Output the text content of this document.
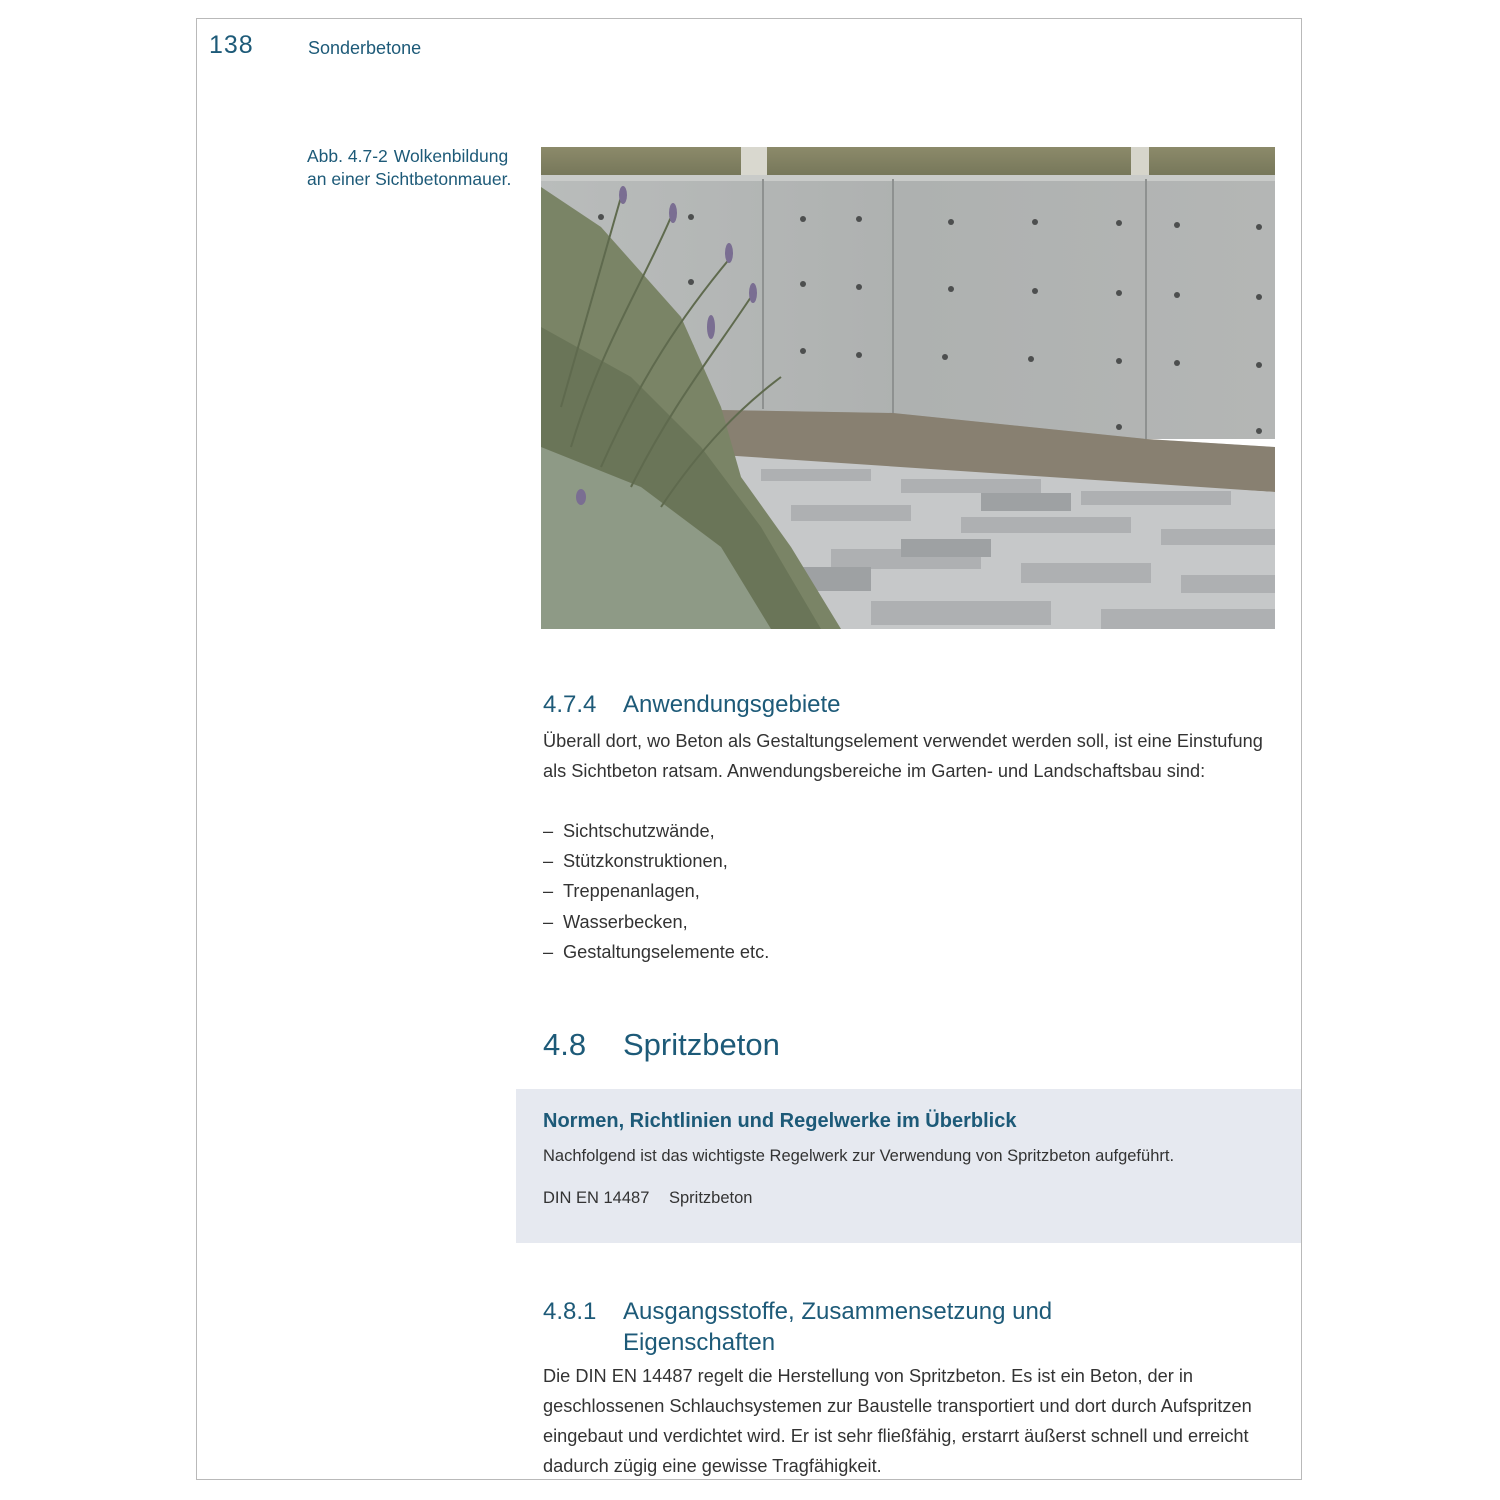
138	Sonderbetone
Abb. 4.7-2 Wolkenbildung an einer Sichtbetonmauer.
4.7.4 Anwendungsgebiete

Überall dort, wo Beton als Gestaltungselement verwendet werden soll, ist eine Einstufung als Sichtbeton ratsam. Anwendungsbereiche im Garten- und Landschaftsbau sind:

– Sichtschutzwände,
– Stützkonstruktionen,
– Treppenanlagen,
– Wasserbecken,
– Gestaltungselemente etc.
4.8 Spritzbeton
Normen, Richtlinien und Regelwerke im Überblick
Nachfolgend ist das wichtigste Regelwerk zur Verwendung von Spritzbeton aufgeführt.
DIN EN 14487 Spritzbeton
4.8.1	Ausgangsstoffe, Zusammensetzung und Eigenschaften

Die DIN EN 14487 regelt die Herstellung von Spritzbeton. Es ist ein Beton, der in geschlossenen Schlauchsystemen zur Baustelle transportiert und dort durch Aufspritzen eingebaut und verdichtet wird. Er ist sehr fließfähig, erstarrt äußerst schnell und erreicht dadurch zügig eine gewisse Tragfähigkeit.
